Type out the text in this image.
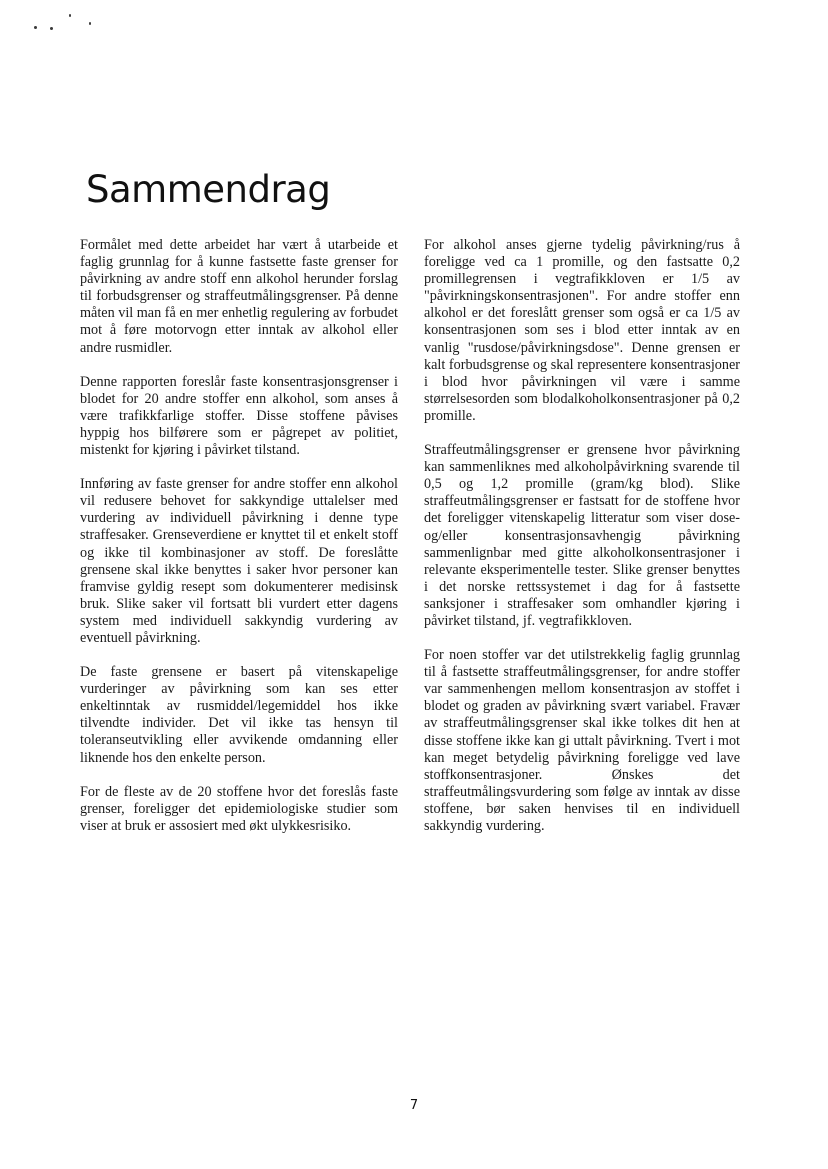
Sammendrag

Formålet med dette arbeidet har vært å utarbeide et faglig grunnlag for å kunne fastsette faste grenser for påvirkning av andre stoff enn alkohol herunder forslag til forbudsgrenser og straffeutmålingsgrenser. På denne måten vil man få en mer enhetlig regulering av forbudet mot å føre motorvogn etter inntak av alkohol eller andre rusmidler.

Denne rapporten foreslår faste konsentrasjonsgrenser i blodet for 20 andre stoffer enn alkohol, som anses å være trafikkfarlige stoffer. Disse stoffene påvises hyppig hos bilførere som er pågrepet av politiet, mistenkt for kjøring i påvirket tilstand.

Innføring av faste grenser for andre stoffer enn alkohol vil redusere behovet for sakkyndige uttalelser med vurdering av individuell påvirkning i denne type straffesaker. Grenseverdiene er knyttet til et enkelt stoff og ikke til kombinasjoner av stoff. De foreslåtte grensene skal ikke benyttes i saker hvor personer kan framvise gyldig resept som dokumenterer medisinsk bruk. Slike saker vil fortsatt bli vurdert etter dagens system med individuell sakkyndig vurdering av eventuell påvirkning.

De faste grensene er basert på vitenskapelige vurderinger av påvirkning som kan ses etter enkeltinntak av rusmiddel/legemiddel hos ikke tilvendte individer. Det vil ikke tas hensyn til toleranseutvikling eller avvikende omdanning eller liknende hos den enkelte person.

For de fleste av de 20 stoffene hvor det foreslås faste grenser, foreligger det epidemiologiske studier som viser at bruk er assosiert med økt ulykkesrisiko.

For alkohol anses gjerne tydelig påvirkning/rus å foreligge ved ca 1 promille, og den fastsatte 0,2 promillegrensen i vegtrafikkloven er 1/5 av "påvirkningskonsentrasjonen". For andre stoffer enn alkohol er det foreslått grenser som også er ca 1/5 av konsentrasjonen som ses i blod etter inntak av en vanlig "rusdose/påvirkningsdose". Denne grensen er kalt forbudsgrense og skal representere konsentrasjoner i blod hvor påvirkningen vil være i samme størrelsesorden som blodalkoholkonsentrasjoner på 0,2 promille.

Straffeutmålingsgrenser er grensene hvor påvirkning kan sammenliknes med alkoholpåvirkning svarende til 0,5 og 1,2 promille (gram/kg blod). Slike straffeutmålingsgrenser er fastsatt for de stoffene hvor det foreligger vitenskapelig litteratur som viser dose- og/eller konsentrasjonsavhengig påvirkning sammenlignbar med gitte alkoholkonsentrasjoner i relevante eksperimentelle tester. Slike grenser benyttes i det norske rettssystemet i dag for å fastsette sanksjoner i straffesaker som omhandler kjøring i påvirket tilstand, jf. vegtrafikkloven.

For noen stoffer var det utilstrekkelig faglig grunnlag til å fastsette straffeutmålingsgrenser, for andre stoffer var sammenhengen mellom konsentrasjon av stoffet i blodet og graden av påvirkning svært variabel. Fravær av straffeutmålingsgrenser skal ikke tolkes dit hen at disse stoffene ikke kan gi uttalt påvirkning. Tvert i mot kan meget betydelig påvirkning foreligge ved lave stoffkonsentrasjoner. Ønskes det straffeutmålingsvurdering som følge av inntak av disse stoffene, bør saken henvises til en individuell sakkyndig vurdering.

7
